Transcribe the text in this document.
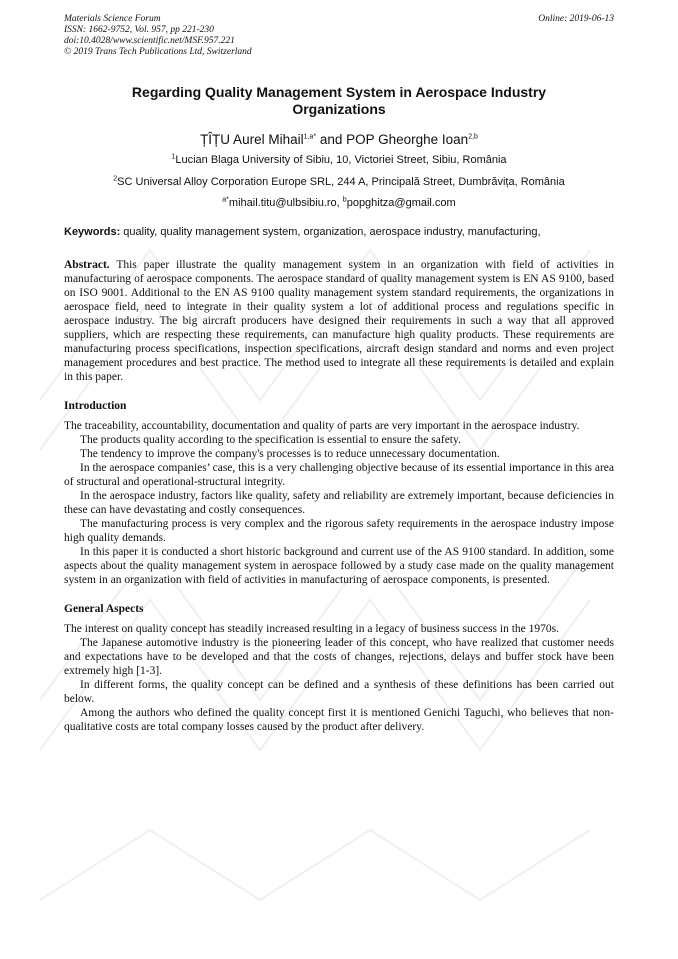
Materials Science Forum
ISSN: 1662-9752, Vol. 957, pp 221-230
doi:10.4028/www.scientific.net/MSF.957.221
© 2019 Trans Tech Publications Ltd, Switzerland
Online: 2019-06-13
Regarding Quality Management System in Aerospace Industry Organizations
ȚÎȚU Aurel Mihail$^{1,a*}$ and POP Gheorghe Ioan$^{2,b}$
$^1$Lucian Blaga University of Sibiu, 10, Victoriei Street, Sibiu, România
$^2$SC Universal Alloy Corporation Europe SRL, 244 A, Principală Street, Dumbrăvița, România
$^{a*}$mihail.titu@ulbsibiu.ro, $^b$popghitza@gmail.com
Keywords: quality, quality management system, organization, aerospace industry, manufacturing,
Abstract. This paper illustrate the quality management system in an organization with field of activities in manufacturing of aerospace components. The aerospace standard of quality management system is EN AS 9100, based on ISO 9001. Additional to the EN AS 9100 quality management system standard requirements, the organizations in aerospace field, need to integrate in their quality system a lot of additional process and regulations specific in aerospace industry. The big aircraft producers have designed their requirements in such a way that all approved suppliers, which are respecting these requirements, can manufacture high quality products. These requirements are manufacturing process specifications, inspection specifications, aircraft design standard and norms and even project management procedures and best practice. The method used to integrate all these requirements is detailed and explain in this paper.
Introduction

The traceability, accountability, documentation and quality of parts are very important in the aerospace industry.

The products quality according to the specification is essential to ensure the safety.

The tendency to improve the company's processes is to reduce unnecessary documentation.

In the aerospace companies’ case, this is a very challenging objective because of its essential importance in this area of structural and operational-structural integrity.

In the aerospace industry, factors like quality, safety and reliability are extremely important, because deficiencies in these can have devastating and costly consequences.

The manufacturing process is very complex and the rigorous safety requirements in the aerospace industry impose high quality demands.

In this paper it is conducted a short historic background and current use of the AS 9100 standard. In addition, some aspects about the quality management system in aerospace followed by a study case made on the quality management system in an organization with field of activities in manufacturing of aerospace components, is presented.

General Aspects

The interest on quality concept has steadily increased resulting in a legacy of business success in the 1970s.

The Japanese automotive industry is the pioneering leader of this concept, who have realized that customer needs and expectations have to be developed and that the costs of changes, rejections, delays and buffer stock have been extremely high [1-3].

In different forms, the quality concept can be defined and a synthesis of these definitions has been carried out below.

Among the authors who defined the quality concept first it is mentioned Genichi Taguchi, who believes that non-qualitative costs are total company losses caused by the product after delivery.
